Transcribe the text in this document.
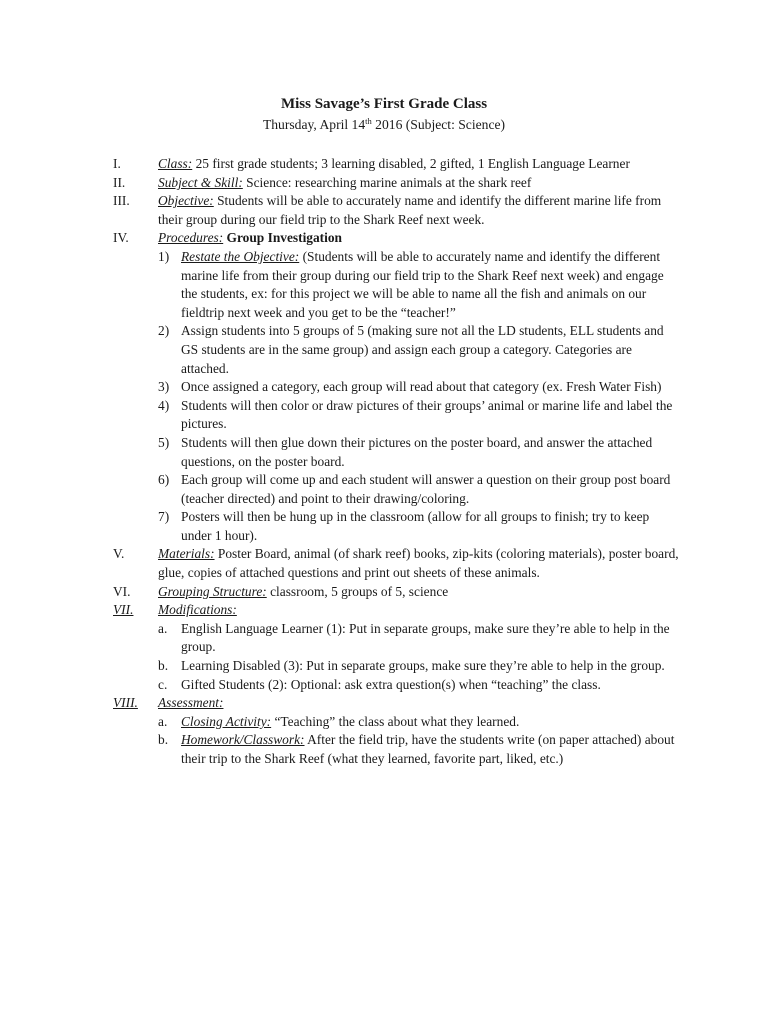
Miss Savage’s First Grade Class
Thursday, April 14th 2016 (Subject: Science)
I.	Class: 25 first grade students; 3 learning disabled, 2 gifted, 1 English Language Learner
II. Subject & Skill: Science: researching marine animals at the shark reef
III. Objective: Students will be able to accurately name and identify the different marine life from their group during our field trip to the Shark Reef next week.
IV. Procedures: Group Investigation
1) Restate the Objective: (Students will be able to accurately name and identify the different marine life from their group during our field trip to the Shark Reef next week) and engage the students, ex: for this project we will be able to name all the fish and animals on our fieldtrip next week and you get to be the “teacher!”
2) Assign students into 5 groups of 5 (making sure not all the LD students, ELL students and GS students are in the same group) and assign each group a category. Categories are attached.
3) Once assigned a category, each group will read about that category (ex. Fresh Water Fish)
4) Students will then color or draw pictures of their groups’ animal or marine life and label the pictures.
5) Students will then glue down their pictures on the poster board, and answer the attached questions, on the poster board.
6) Each group will come up and each student will answer a question on their group post board (teacher directed) and point to their drawing/coloring.
7) Posters will then be hung up in the classroom (allow for all groups to finish; try to keep under 1 hour).
V.	Materials: Poster Board, animal (of shark reef) books, zip-kits (coloring materials), poster board, glue, copies of attached questions and print out sheets of these animals.
VI. Grouping Structure: classroom, 5 groups of 5, science
VII.	Modifications:
a. English Language Learner (1): Put in separate groups, make sure they’re able to help in the group.
b. Learning Disabled (3): Put in separate groups, make sure they’re able to help in the group.
c. Gifted Students (2): Optional: ask extra question(s) when “teaching” the class.
VIII.	Assessment:
a. Closing Activity: “Teaching” the class about what they learned.
b. Homework/Classwork: After the field trip, have the students write (on paper attached) about their trip to the Shark Reef (what they learned, favorite part, liked, etc.)
